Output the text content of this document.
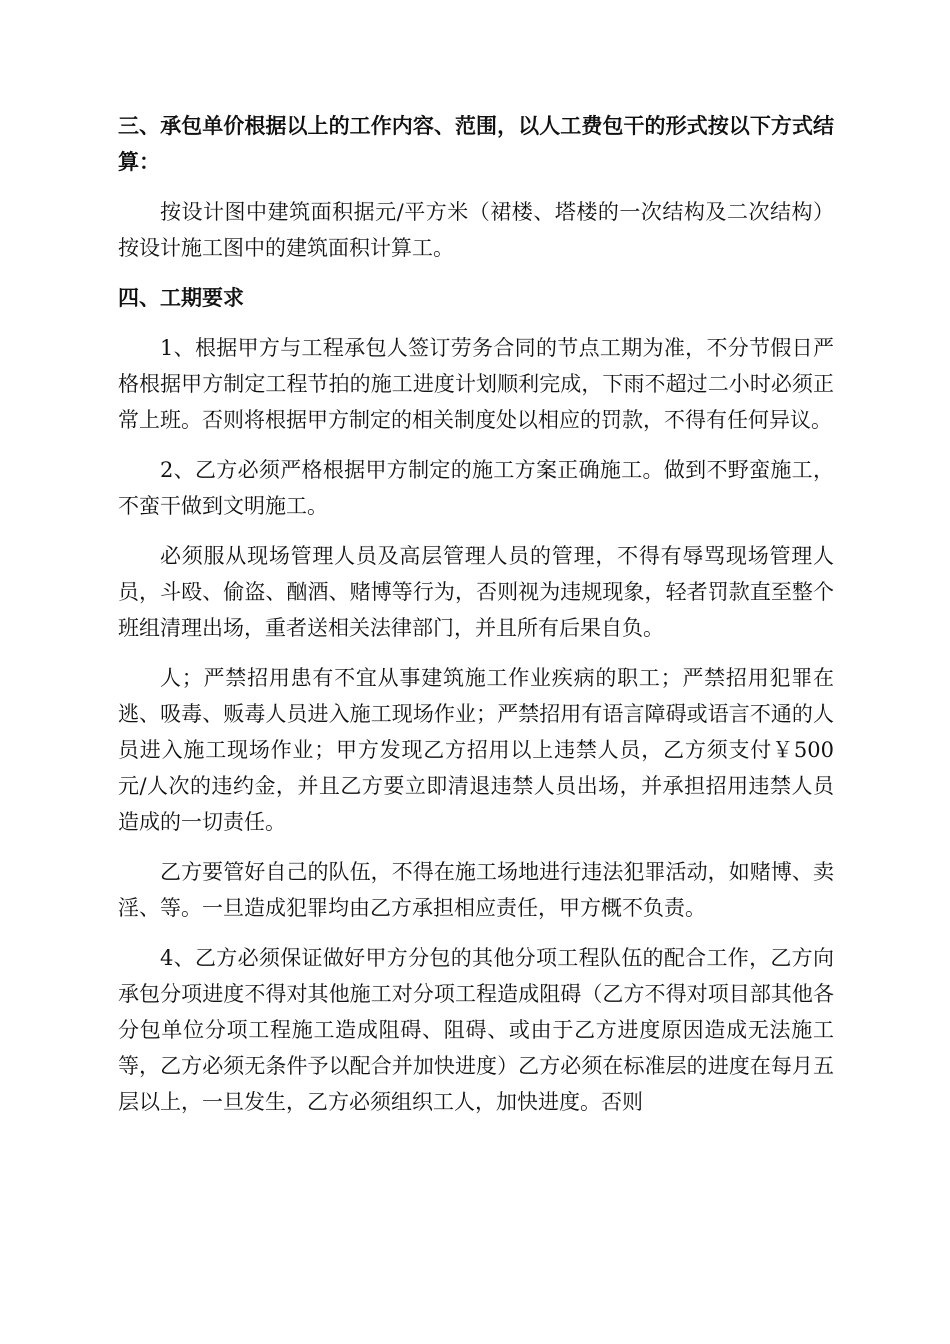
三、承包单价根据以上的工作内容、范围，以人工费包干的形式按以下方式结算：

按设计图中建筑面积据元/平方米（裙楼、塔楼的一次结构及二次结构）按设计施工图中的建筑面积计算工。

四、工期要求

1、根据甲方与工程承包人签订劳务合同的节点工期为准，不分节假日严格根据甲方制定工程节拍的施工进度计划顺利完成，下雨不超过二小时必须正常上班。否则将根据甲方制定的相关制度处以相应的罚款，不得有任何异议。

2、乙方必须严格根据甲方制定的施工方案正确施工。做到不野蛮施工，不蛮干做到文明施工。

必须服从现场管理人员及高层管理人员的管理，不得有辱骂现场管理人员，斗殴、偷盗、酗酒、赌博等行为，否则视为违规现象，轻者罚款直至整个班组清理出场，重者送相关法律部门，并且所有后果自负。

人；严禁招用患有不宜从事建筑施工作业疾病的职工；严禁招用犯罪在逃、吸毒、贩毒人员进入施工现场作业；严禁招用有语言障碍或语言不通的人员进入施工现场作业；甲方发现乙方招用以上违禁人员，乙方须支付￥500元/人次的违约金，并且乙方要立即清退违禁人员出场，并承担招用违禁人员造成的一切责任。

乙方要管好自己的队伍，不得在施工场地进行违法犯罪活动，如赌博、卖淫、等。一旦造成犯罪均由乙方承担相应责任，甲方概不负责。

4、乙方必须保证做好甲方分包的其他分项工程队伍的配合工作，乙方向承包分项进度不得对其他施工对分项工程造成阻碍（乙方不得对项目部其他各分包单位分项工程施工造成阻碍、阻碍、或由于乙方进度原因造成无法施工等，乙方必须无条件予以配合并加快进度）乙方必须在标准层的进度在每月五层以上，一旦发生，乙方必须组织工人，加快进度。否则
